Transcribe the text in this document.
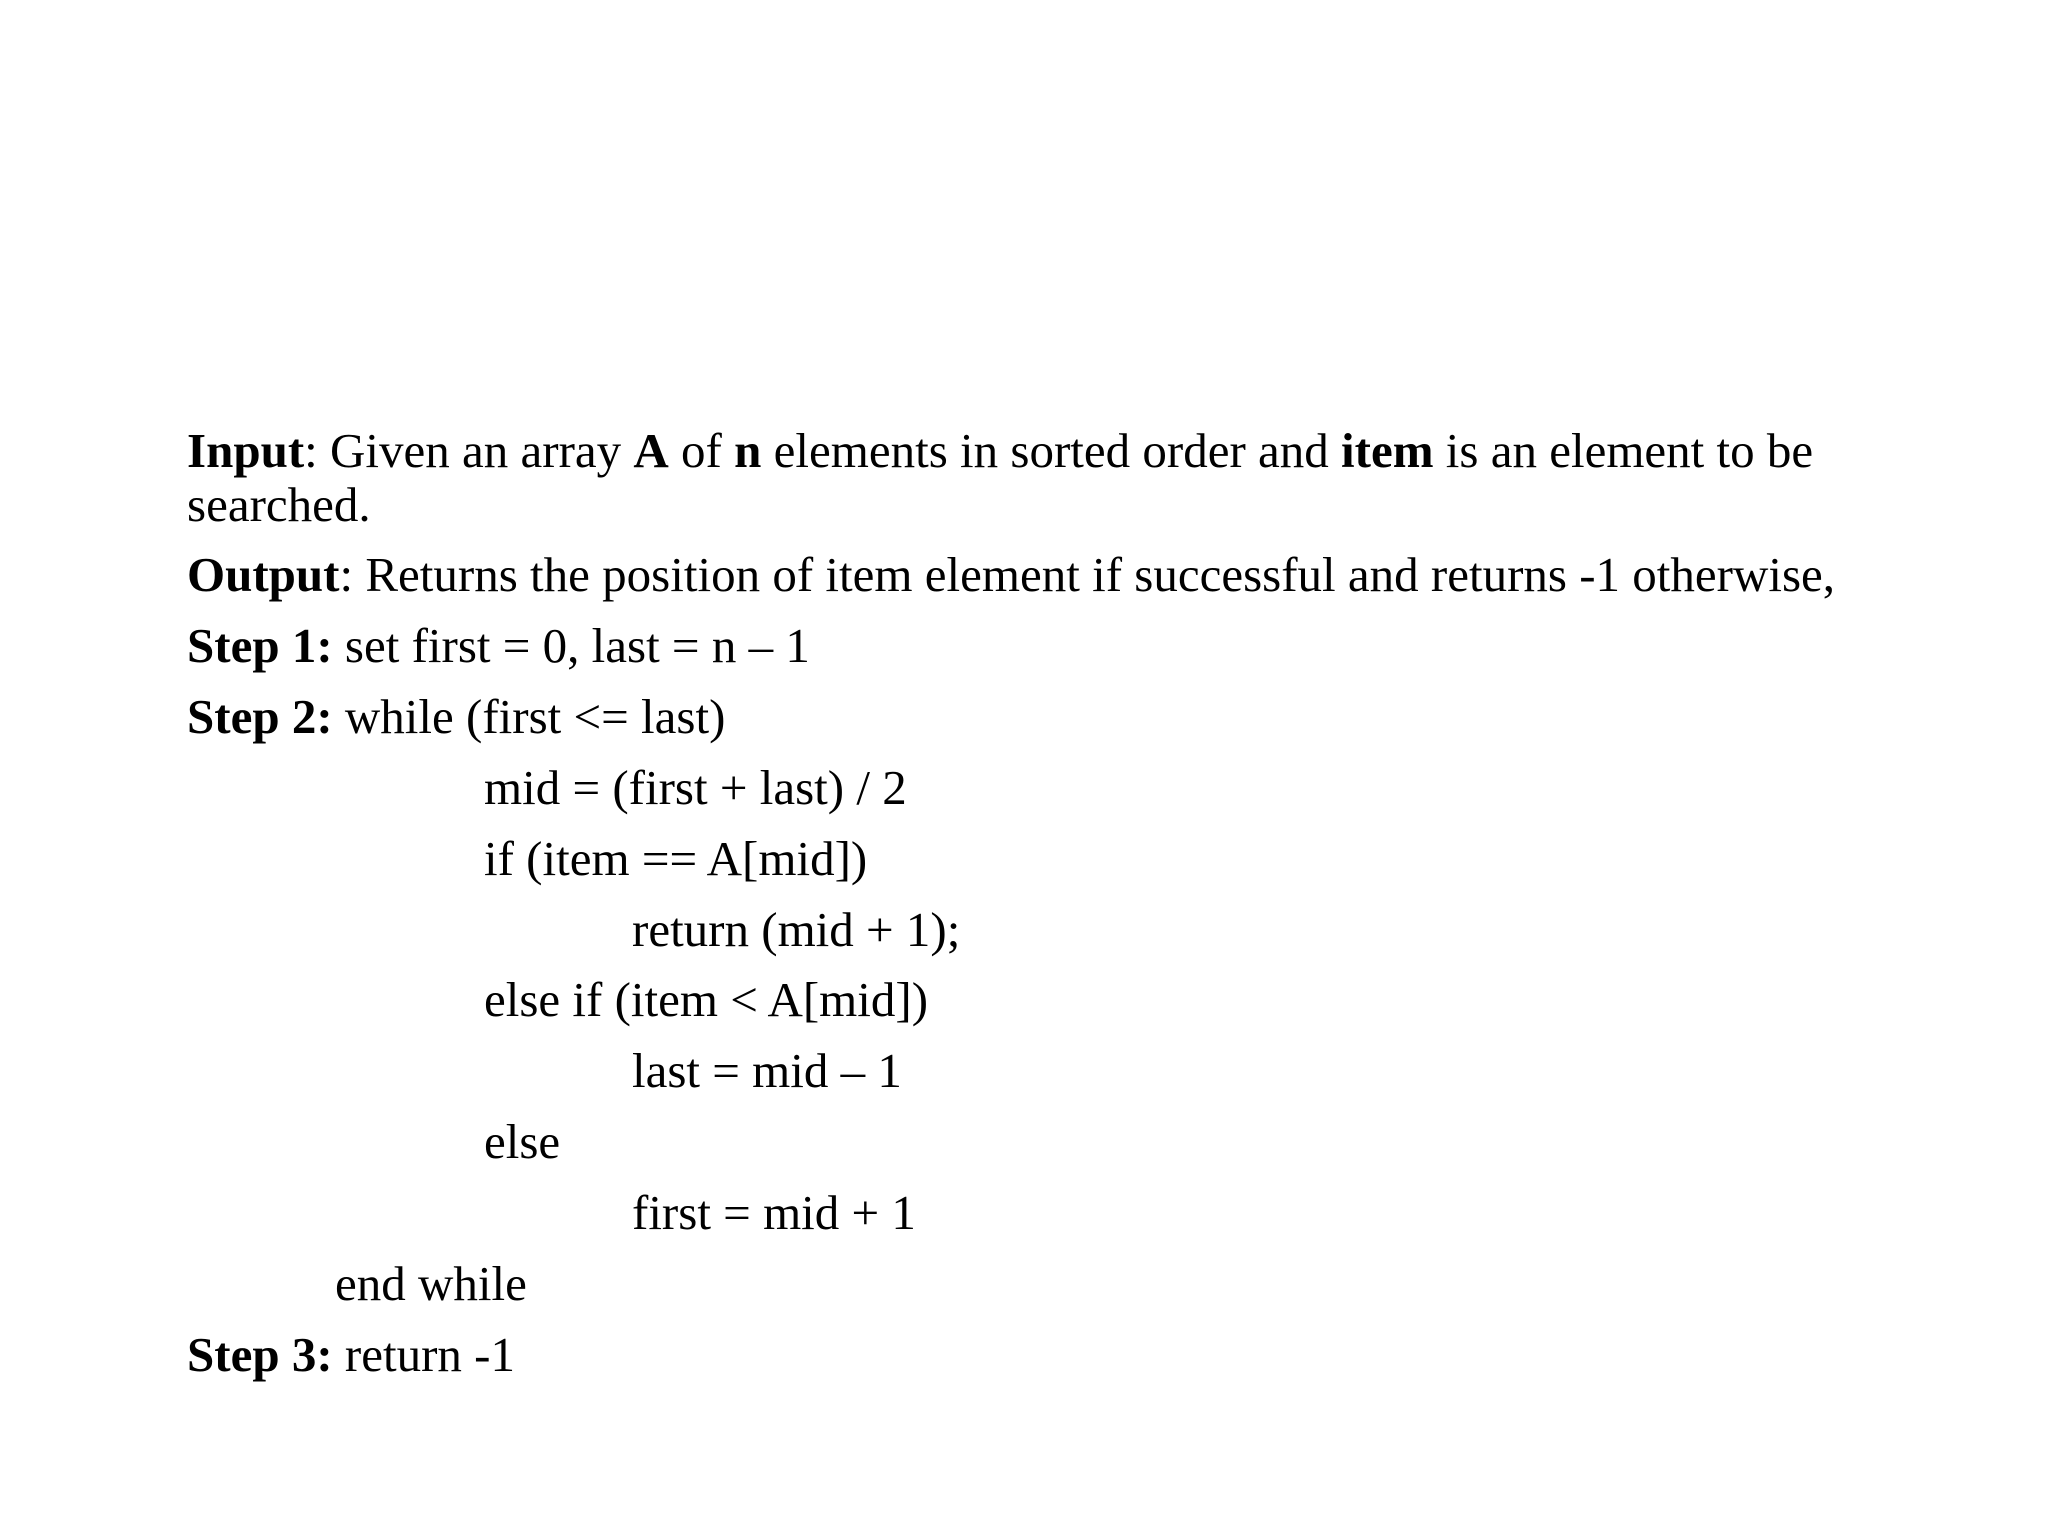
Input: Given an array A of n elements in sorted order and item is an element to be
searched.
Output: Returns the position of item element if successful and returns -1 otherwise,
Step 1: set first = 0, last = n – 1
Step 2: while (first <= last)
mid = (first + last) / 2
if (item == A[mid])
return (mid + 1);
else if (item < A[mid])
last = mid – 1
else
first = mid + 1
end while
Step 3: return -1
